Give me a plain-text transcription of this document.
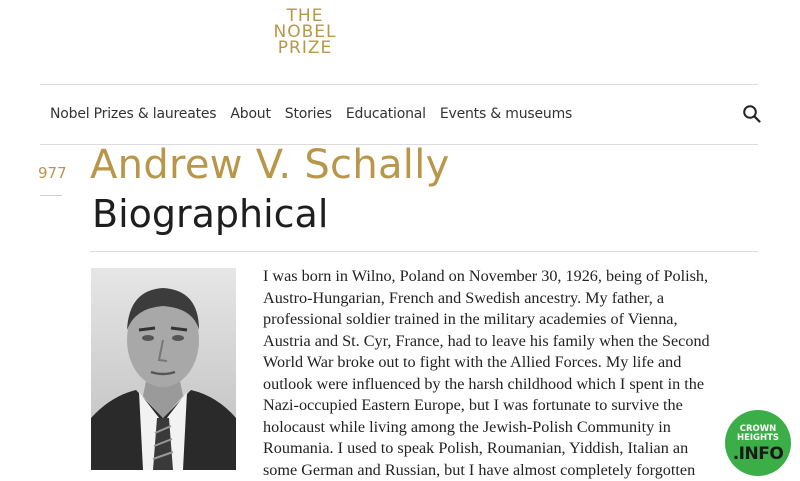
THE
NOBEL
PRIZE
Nobel Prizes & laureates About Stories Educational Events & museums
977 Andrew V. Schally
Biographical
I was born in Wilno, Poland on November 30, 1926, being of Polish,
Austro-Hungarian, French and Swedish ancestry. My father, a
professional soldier trained in the military academies of Vienna,
Austria and St. Cyr, France, had to leave his family when the Second
World War broke out to fight with the Allied Forces. My life and
outlook were influenced by the harsh childhood which I spent in the
Nazi-occupied Eastern Europe, but I was fortunate to survive the
holocaust while living among the Jewish-Polish Community in
Roumania. I used to speak Polish, Roumanian, Yiddish, Italian an
some German and Russian, but I have almost completely forgotten
CROWN
HEIGHTS
.INFO
